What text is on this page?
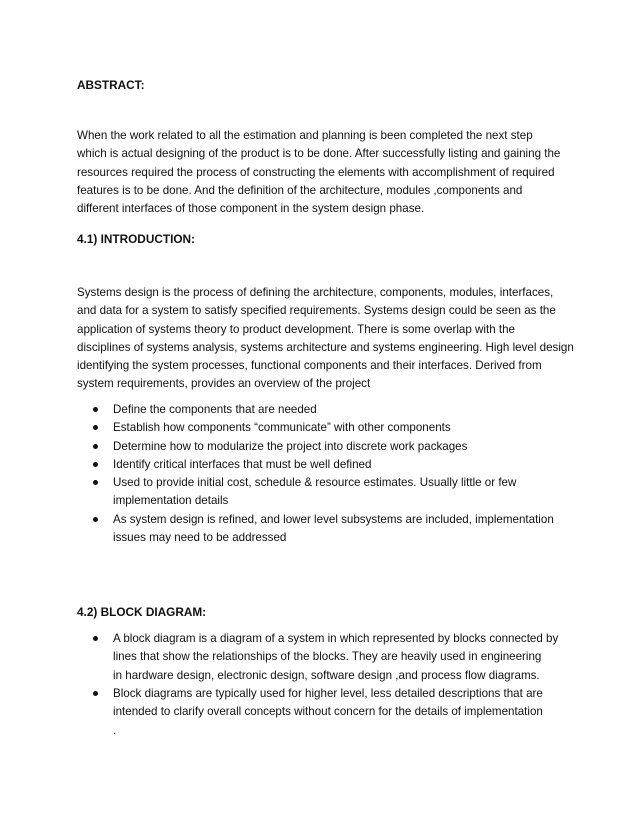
ABSTRACT:

When the work related to all the estimation and planning is been completed the next step
which is actual designing of the product is to be done. After successfully listing and gaining the
resources required the process of constructing the elements with accomplishment of required
features is to be done. And the definition of the architecture, modules ,components and
different interfaces of those component in the system design phase.

4.1) INTRODUCTION:

Systems design is the process of defining the architecture, components, modules, interfaces,
and data for a system to satisfy specified requirements. Systems design could be seen as the
application of systems theory to product development. There is some overlap with the
disciplines of systems analysis, systems architecture and systems engineering. High level design
identifying the system processes, functional components and their interfaces. Derived from
system requirements, provides an overview of the project

Define the components that are needed
Establish how components “communicate” with other components
Determine how to modularize the project into discrete work packages
Identify critical interfaces that must be well defined
Used to provide initial cost, schedule & resource estimates. Usually little or few
implementation details
As system design is refined, and lower level subsystems are included, implementation
issues may need to be addressed
4.2) BLOCK DIAGRAM:
A block diagram is a diagram of a system in which represented by blocks connected by
lines that show the relationships of the blocks. They are heavily used in engineering
in hardware design, electronic design, software design ,and process flow diagrams.
Block diagrams are typically used for higher level, less detailed descriptions that are
intended to clarify overall concepts without concern for the details of implementation
.
